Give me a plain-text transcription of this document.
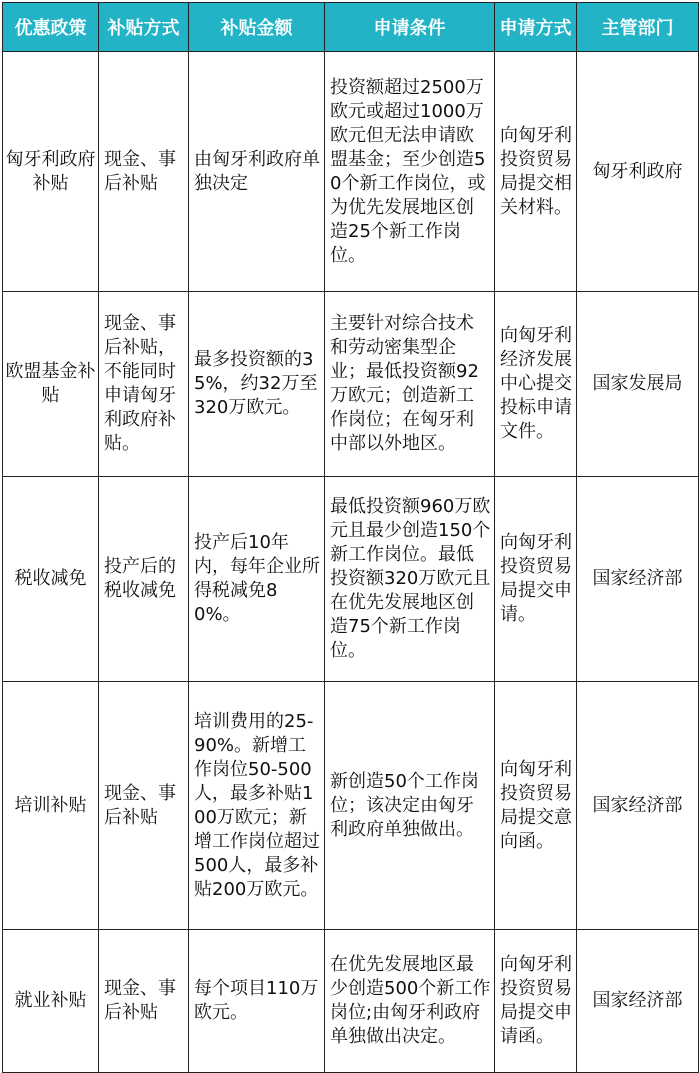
优惠政策	补贴方式	补贴金额	申请条件	申请方式	主管部门
匈牙利政府补贴	现金、事后补贴	由匈牙利政府单独决定	投资额超过2500万欧元或超过1000万欧元但无法申请欧盟基金；至少创造50个新工作岗位，或为优先发展地区创造25个新工作岗位。	向匈牙利投资贸易局提交相关材料。	匈牙利政府
欧盟基金补贴	现金、事后补贴，不能同时申请匈牙利政府补贴。	最多投资额的35%，约32万至320万欧元。	主要针对综合技术和劳动密集型企业；最低投资额92万欧元；创造新工作岗位；在匈牙利中部以外地区。	向匈牙利经济发展中心提交投标申请文件。	国家发展局
税收减免	投产后的税收减免	投产后10年内，每年企业所得税减免80%。	最低投资额960万欧元且最少创造150个新工作岗位。最低投资额320万欧元且在优先发展地区创造75个新工作岗位。	向匈牙利投资贸易局提交申请。	国家经济部
培训补贴	现金、事后补贴	培训费用的25-90%。新增工作岗位50-500人，最多补贴100万欧元；新增工作岗位超过500人，最多补贴200万欧元。	新创造50个工作岗位；该决定由匈牙利政府单独做出。	向匈牙利投资贸易局提交意向函。	国家经济部
就业补贴	现金、事后补贴	每个项目110万欧元。	在优先发展地区最少创造500个新工作岗位;由匈牙利政府单独做出决定。	向匈牙利投资贸易局提交申请函。	国家经济部
